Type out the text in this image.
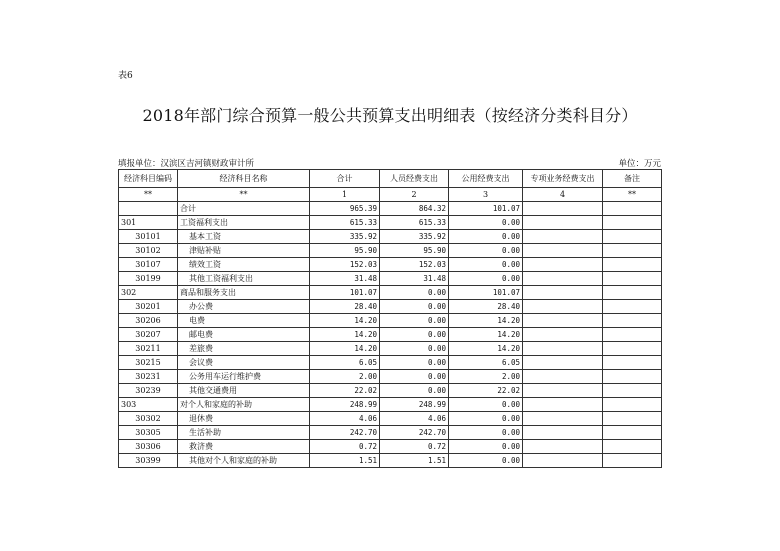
表6
2018年部门综合预算一般公共预算支出明细表（按经济分类科目分）
填报单位：汉滨区吉河镇财政审计所	单位：万元
经济科目编码	经济科目名称	合计	人员经费支出	公用经费支出	专项业务经费支出	备注
**	**	1	2	3	4	**
	合计	965.39	864.32	101.07		
301	工资福利支出	615.33	615.33	0.00		
30101	基本工资	335.92	335.92	0.00		
30102	津贴补贴	95.90	95.90	0.00		
30107	绩效工资	152.03	152.03	0.00		
30199	其他工资福利支出	31.48	31.48	0.00		
302	商品和服务支出	101.07	0.00	101.07		
30201	办公费	28.40	0.00	28.40		
30206	电费	14.20	0.00	14.20		
30207	邮电费	14.20	0.00	14.20		
30211	差旅费	14.20	0.00	14.20		
30215	会议费	6.05	0.00	6.05		
30231	公务用车运行维护费	2.00	0.00	2.00		
30239	其他交通费用	22.02	0.00	22.02		
303	对个人和家庭的补助	248.99	248.99	0.00		
30302	退休费	4.06	4.06	0.00		
30305	生活补助	242.70	242.70	0.00		
30306	救济费	0.72	0.72	0.00		
30399	其他对个人和家庭的补助	1.51	1.51	0.00		
